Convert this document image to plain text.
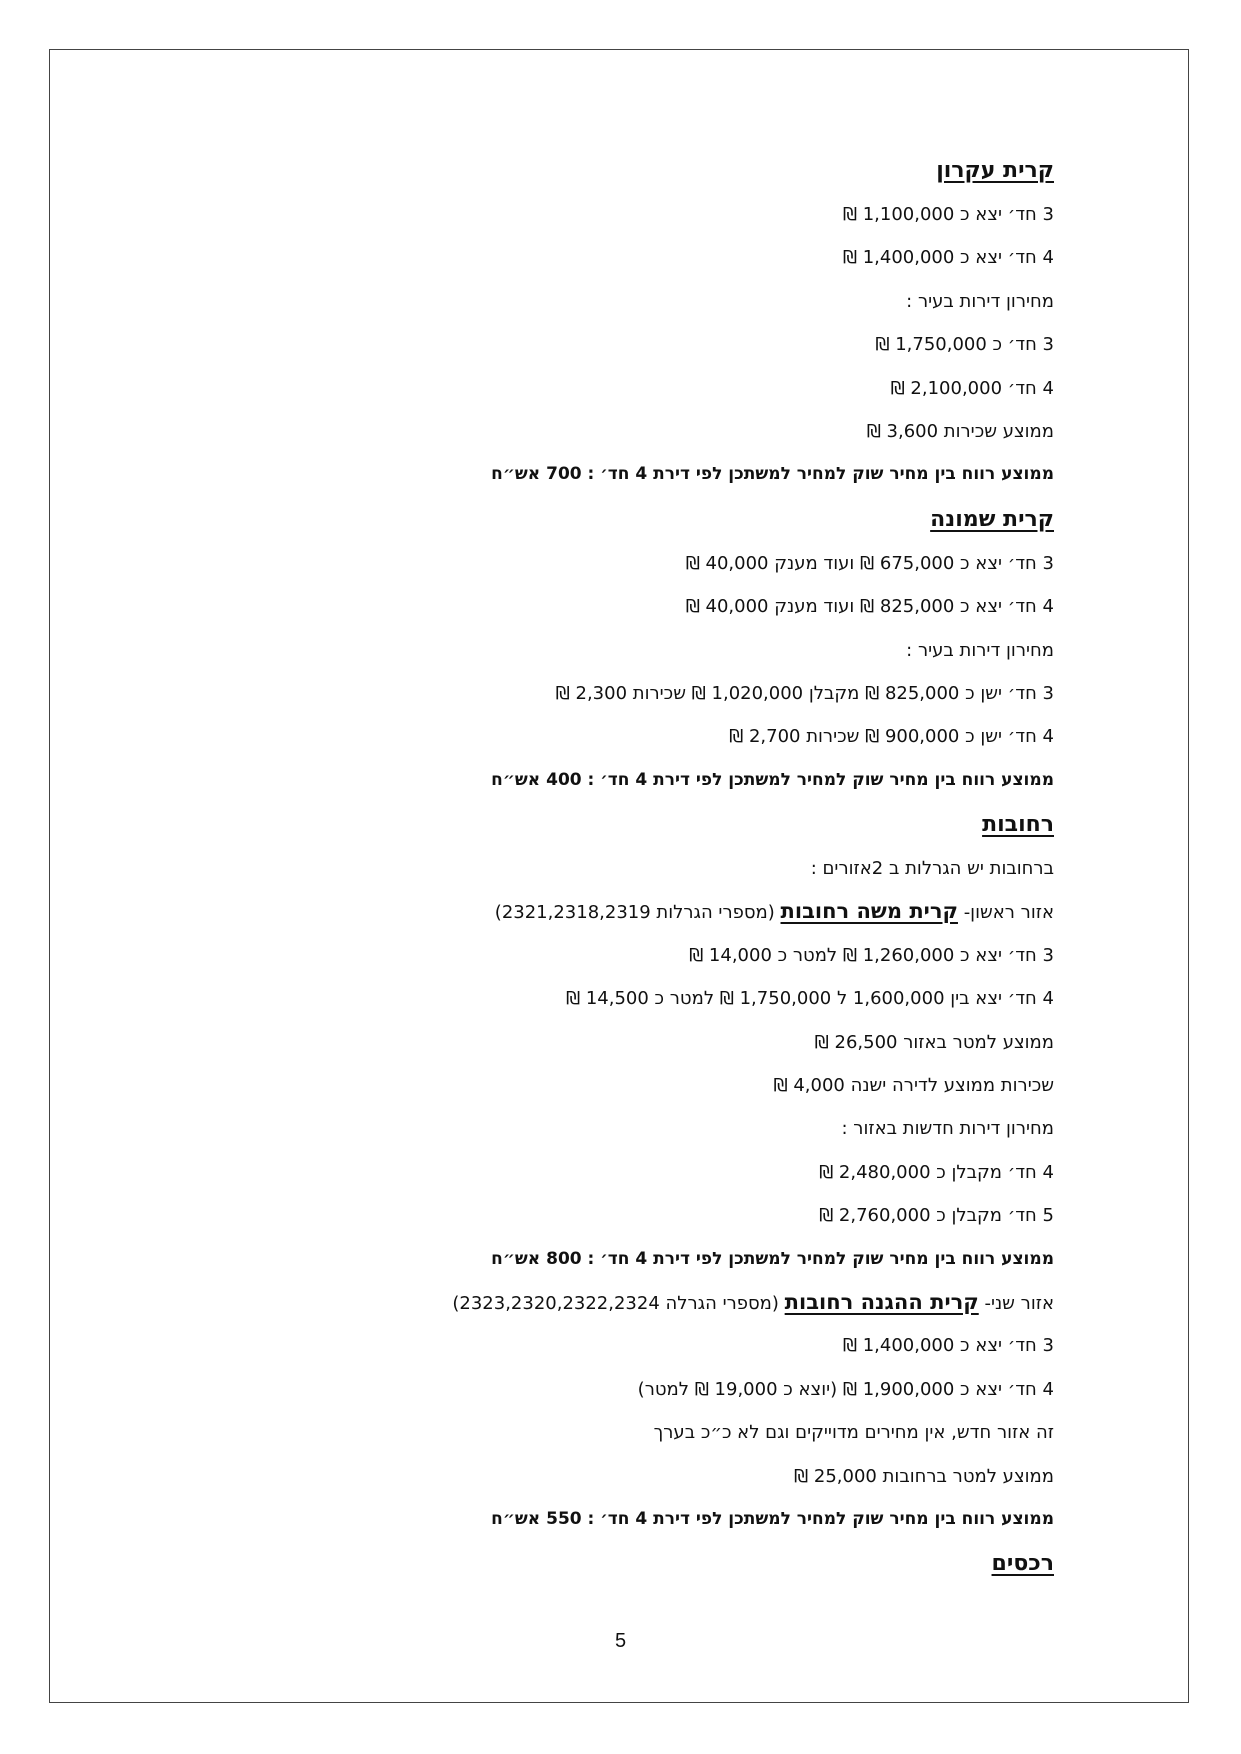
קרית עקרון
3 חד׳ יצא כ 1,100,000 ₪
4 חד׳ יצא כ 1,400,000 ₪
מחירון דירות בעיר :
3 חד׳ כ 1,750,000 ₪
4 חד׳ 2,100,000 ₪
ממוצע שכירות 3,600 ₪
ממוצע רווח בין מחיר שוק למחיר למשתכן לפי דירת 4 חד׳ : 700 אש״ח
קרית שמונה
3 חד׳ יצא כ 675,000 ₪ ועוד מענק 40,000 ₪
4 חד׳ יצא כ 825,000 ₪ ועוד מענק 40,000 ₪
מחירון דירות בעיר :
3 חד׳ ישן כ 825,000 ₪ מקבלן 1,020,000 ₪ שכירות 2,300 ₪
4 חד׳ ישן כ 900,000 ₪ שכירות 2,700 ₪
ממוצע רווח בין מחיר שוק למחיר למשתכן לפי דירת 4 חד׳ : 400 אש״ח
רחובות
ברחובות יש הגרלות ב 2אזורים :
אזור ראשון- קרית משה רחובות (מספרי הגרלות 2321,2318,2319)
3 חד׳ יצא כ 1,260,000 ₪ למטר כ 14,000 ₪
4 חד׳ יצא בין 1,600,000 ל 1,750,000 ₪ למטר כ 14,500 ₪
ממוצע למטר באזור 26,500 ₪
שכירות ממוצע לדירה ישנה 4,000 ₪
מחירון דירות חדשות באזור :
4 חד׳ מקבלן כ 2,480,000 ₪
5 חד׳ מקבלן כ 2,760,000 ₪
ממוצע רווח בין מחיר שוק למחיר למשתכן לפי דירת 4 חד׳ : 800 אש״ח
אזור שני- קרית ההגנה רחובות (מספרי הגרלה 2323,2320,2322,2324)
3 חד׳ יצא כ 1,400,000 ₪
4 חד׳ יצא כ 1,900,000 ₪ (יוצא כ 19,000 ₪ למטר)
זה אזור חדש, אין מחירים מדוייקים וגם לא כ״כ בערך
ממוצע למטר ברחובות 25,000 ₪
ממוצע רווח בין מחיר שוק למחיר למשתכן לפי דירת 4 חד׳ : 550 אש״ח
רכסים
5
